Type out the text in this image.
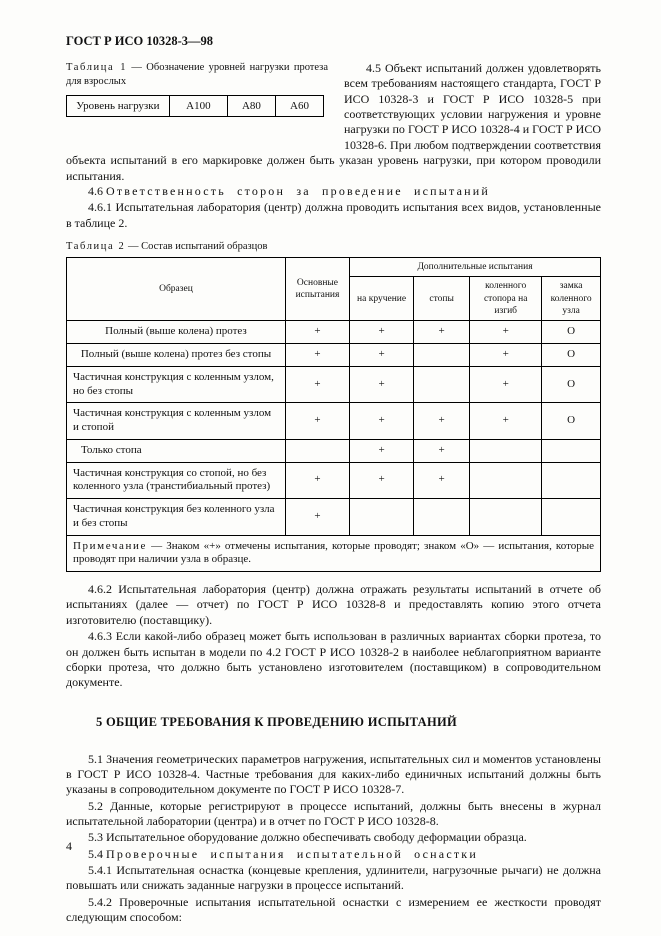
ГОСТ Р ИСО 10328-3—98
Таблица 1 — Обозначение уровней нагрузки протеза для взрослых
Уровень нагрузки	А100	А80	А60

4.5 Объект испытаний должен удовлетворять всем требованиям настоящего стандарта, ГОСТ Р ИСО 10328-3 и ГОСТ Р ИСО 10328-5 при соответствующих условии нагружения и уровне нагрузки по ГОСТ Р ИСО 10328-4 и ГОСТ Р ИСО 10328-6. При любом подтверждении соответствия объекта испытаний в его маркировке должен быть указан уровень нагрузки, при котором проводили испытания.

4.6 Ответственность сторон за проведение испытаний

4.6.1 Испытательная лаборатория (центр) должна проводить испытания всех видов, установленные в таблице 2.

Таблица 2 — Состав испытаний образцов
Образец	Основные испытания	Дополнительные испытания			
		на кручение	стопы	коленного стопора на изгиб	замка коленного узла
Полный (выше колена) протез	+	+	+	+	О
Полный (выше колена) протез без стопы	+	+		+	О
Частичная конструкция с коленным узлом, но без стопы	+	+		+	О
Частичная конструкция с коленным узлом и стопой	+	+	+	+	О
Только стопа		+	+		
Частичная конструкция со стопой, но без коленного узла (транстибиальный протез)	+	+	+		
Частичная конструкция без коленного узла и без стопы	+				
Примечание — Знаком «+» отмечены испытания, которые проводят; знаком «О» — испытания, которые проводят при наличии узла в образце.					

4.6.2 Испытательная лаборатория (центр) должна отражать результаты испытаний в отчете об испытаниях (далее — отчет) по ГОСТ Р ИСО 10328-8 и предоставлять копию этого отчета изготовителю (поставщику).

4.6.3 Если какой-либо образец может быть использован в различных вариантах сборки протеза, то он должен быть испытан в модели по 4.2 ГОСТ Р ИСО 10328-2 в наиболее неблагоприятном варианте сборки протеза, что должно быть установлено изготовителем (поставщиком) в сопроводительном документе.

5 ОБЩИЕ ТРЕБОВАНИЯ К ПРОВЕДЕНИЮ ИСПЫТАНИЙ

5.1 Значения геометрических параметров нагружения, испытательных сил и моментов установлены в ГОСТ Р ИСО 10328-4. Частные требования для каких-либо единичных испытаний должны быть указаны в сопроводительном документе по ГОСТ Р ИСО 10328-7.

5.2 Данные, которые регистрируют в процессе испытаний, должны быть внесены в журнал испытательной лаборатории (центра) и в отчет по ГОСТ Р ИСО 10328-8.

5.3 Испытательное оборудование должно обеспечивать свободу деформации образца.

5.4 Проверочные испытания испытательной оснастки

5.4.1 Испытательная оснастка (концевые крепления, удлинители, нагрузочные рычаги) не должна повышать или снижать заданные нагрузки в процессе испытаний.

5.4.2 Проверочные испытания испытательной оснастки с измерением ее жесткости проводят следующим способом:

4
